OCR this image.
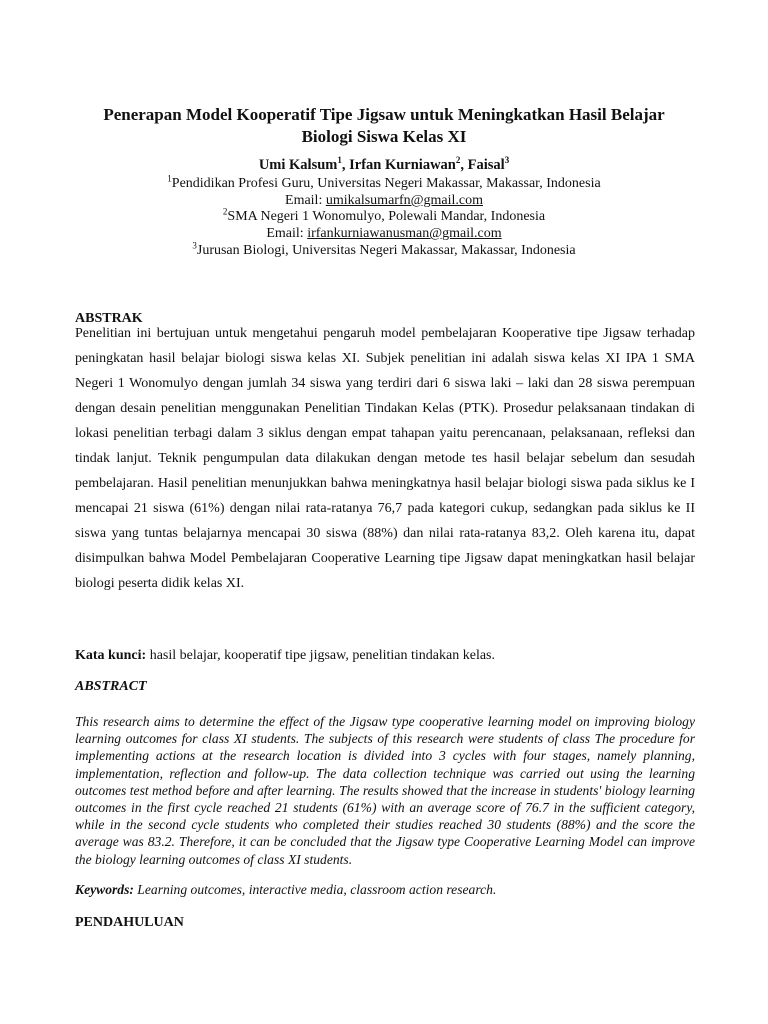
Penerapan Model Kooperatif Tipe Jigsaw untuk Meningkatkan Hasil Belajar
Biologi Siswa Kelas XI
Umi Kalsum$^1$, Irfan Kurniawan$^2$, Faisal$^3$
$^1$Pendidikan Profesi Guru, Universitas Negeri Makassar, Makassar, Indonesia
Email: umikalsumarfn@gmail.com
$^2$SMA Negeri 1 Wonomulyo, Polewali Mandar, Indonesia
Email: irfankurniawanusman@gmail.com
$^3$Jurusan Biologi, Universitas Negeri Makassar, Makassar, Indonesia
ABSTRAK

Penelitian ini bertujuan untuk mengetahui pengaruh model pembelajaran Kooperative tipe Jigsaw terhadap peningkatan hasil belajar biologi siswa kelas XI. Subjek penelitian ini adalah siswa kelas XI IPA 1 SMA Negeri 1 Wonomulyo dengan jumlah 34 siswa yang terdiri dari 6 siswa laki – laki dan 28 siswa perempuan dengan desain penelitian menggunakan Penelitian Tindakan Kelas (PTK). Prosedur pelaksanaan tindakan di lokasi penelitian terbagi dalam 3 siklus dengan empat tahapan yaitu perencanaan, pelaksanaan, refleksi dan tindak lanjut. Teknik pengumpulan data dilakukan dengan metode tes hasil belajar sebelum dan sesudah pembelajaran. Hasil penelitian menunjukkan bahwa meningkatnya hasil belajar biologi siswa pada siklus ke I mencapai 21 siswa (61%) dengan nilai rata-ratanya 76,7 pada kategori cukup, sedangkan pada siklus ke II siswa yang tuntas belajarnya mencapai 30 siswa (88%) dan nilai rata-ratanya 83,2. Oleh karena itu, dapat disimpulkan bahwa Model Pembelajaran Cooperative Learning tipe Jigsaw dapat meningkatkan hasil belajar biologi peserta didik kelas XI.

Kata kunci: hasil belajar, kooperatif tipe jigsaw, penelitian tindakan kelas.
ABSTRACT

This research aims to determine the effect of the Jigsaw type cooperative learning model on improving biology learning outcomes for class XI students. The subjects of this research were students of class The procedure for implementing actions at the research location is divided into 3 cycles with four stages, namely planning, implementation, reflection and follow-up. The data collection technique was carried out using the learning outcomes test method before and after learning. The results showed that the increase in students' biology learning outcomes in the first cycle reached 21 students (61%) with an average score of 76.7 in the sufficient category, while in the second cycle students who completed their studies reached 30 students (88%) and the score the average was 83.2. Therefore, it can be concluded that the Jigsaw type Cooperative Learning Model can improve the biology learning outcomes of class XI students.

Keywords: Learning outcomes, interactive media, classroom action research.
PENDAHULUAN
